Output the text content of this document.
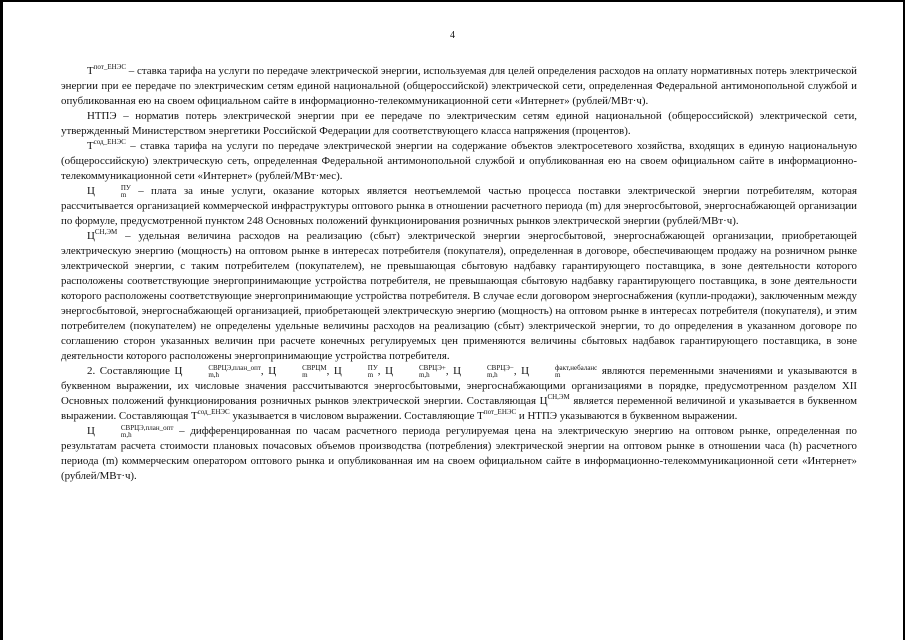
4

$T^{пот\_ЕНЭС}$ – ставка тарифа на услуги по передаче электрической энергии, используемая для целей определения расходов на оплату нормативных потерь электрической энергии при ее передаче по электрическим сетям единой национальной (общероссийской) электрической сети, определенная Федеральной антимонопольной службой и опубликованная ею на своем официальном сайте в информационно-телекоммуникационной сети «Интернет» (рублей/МВт·ч).

НТПЭ – норматив потерь электрической энергии при ее передаче по электрическим сетям единой национальной (общероссийской) электрической сети, утвержденный Министерством энергетики Российской Федерации для соответствующего класса напряжения (процентов).

$T^{сод\_ЕНЭС}$ – ставка тарифа на услуги по передаче электрической энергии на содержание объектов электросетевого хозяйства, входящих в единую национальную (общероссийскую) электрическую сеть, определенная Федеральной антимонопольной службой и опубликованная ею на своем официальном сайте в информационно-телекоммуникационной сети «Интернет» (рублей/МВт·мес).

Ц	ПУ
m – плата за иные услуги, оказание которых является неотъемлемой частью процесса поставки электрической энергии потребителям, которая рассчитывается организацией коммерческой инфраструктуры оптового рынка в отношении расчетного периода (m) для энергосбытовой, энергоснабжающей организации по формуле, предусмотренной пунктом 248 Основных положений функционирования розничных рынков электрической энергии (рублей/МВт·ч).

$Ц^{СН,ЭМ}$ – удельная величина расходов на реализацию (сбыт) электрической энергии энергосбытовой, энергоснабжающей организации, приобретающей электрическую энергию (мощность) на оптовом рынке в интересах потребителя (покупателя), определенная в договоре, обеспечивающем продажу на розничном рынке электрической энергии, с таким потребителем (покупателем), не превышающая сбытовую надбавку гарантирующего поставщика, в зоне деятельности которого расположены соответствующие энергопринимающие устройства потребителя, не превышающая сбытовую надбавку гарантирующего поставщика, в зоне деятельности которого расположены соответствующие энергопринимающие устройства потребителя. В случае если договором энергоснабжения (купли-продажи), заключенным между энергосбытовой, энергоснабжающей организацией, приобретающей электрическую энергию (мощность) на оптовом рынке в интересах потребителя (покупателя), и этим потребителем (покупателем) не определены удельные величины расходов на реализацию (сбыт) электрической энергии, то до определения в указанном договоре по соглашению сторон указанных величин при расчете конечных регулируемых цен применяются величины сбытовых надбавок гарантирующего поставщика, в зоне деятельности которого расположены энергопринимающие устройства потребителя.

2. Составляющие Ц	СВРЦЭ,план_опт
m,h	, Ц	СВРЦМ
m	, Ц	ПУ
m , Ц	СВРЦЭ+
m,h	, Ц	СВРЦЭ−
m,h	, Ц	факт,небаланс
m	являются переменными значениями и указываются в буквенном выражении, их числовые значения рассчитываются энергосбытовыми, энергоснабжающими организациями в порядке, предусмотренном разделом XII Основных положений функционирования розничных рынков электрической энергии. Составляющая $Ц^{СН,ЭМ}$ является переменной величиной и указывается в буквенном выражении. Составляющая $T^{сод\_ЕНЭС}$ указывается в числовом выражении. Составляющие $T^{пот\_ЕНЭС}$ и НТПЭ указываются в буквенном выражении.

Ц	СВРЦЭ,план_опт
m,h	– дифференцированная по часам расчетного периода регулируемая цена на электрическую энергию на оптовом рынке, определенная по результатам расчета стоимости плановых почасовых объемов производства (потребления) электрической энергии на оптовом рынке в отношении часа (h) расчетного периода (m) коммерческим оператором оптового рынка и опубликованная им на своем официальном сайте в информационно-телекоммуникационной сети «Интернет» (рублей/МВт·ч).
